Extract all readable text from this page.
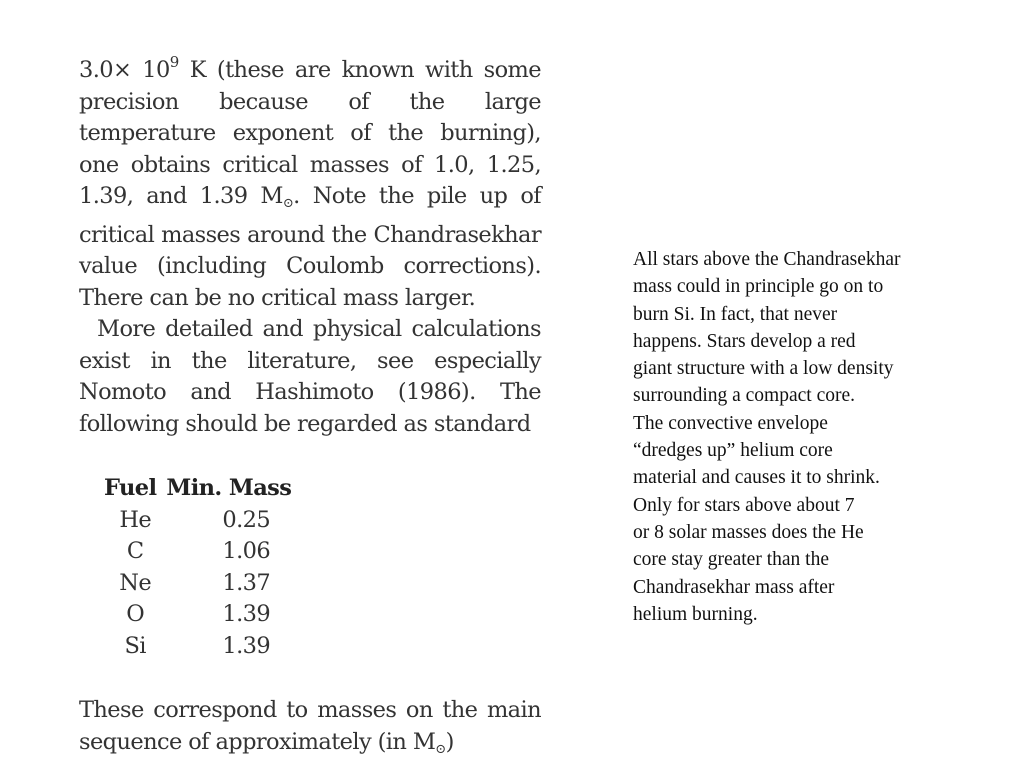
$3.0\times 10^9$ K (these are known with some precision because of the large temperature exponent of the burning), one obtains critical masses of 1.0, 1.25, 1.39, and 1.39 M⊙. Note the pile up of critical masses around the Chandrasekhar value (including Coulomb corrections). There can be no critical mass larger.

More detailed and physical calculations exist in the literature, see especially Nomoto and Hashimoto (1986). The following should be regarded as standard

Fuel	Min. Mass
He	0.25
C	1.06
Ne	1.37
O	1.39
Si	1.39

These correspond to masses on the main sequence of approximately (in M⊙)

All stars above the Chandrasekhar
mass could in principle go on to
burn Si. In fact, that never
happens. Stars develop a red
giant structure with a low density
surrounding a compact core.
The convective envelope
“dredges up” helium core
material and causes it to shrink.
Only for stars above about 7
or 8 solar masses does the He
core stay greater than the
Chandrasekhar mass after
helium burning.
